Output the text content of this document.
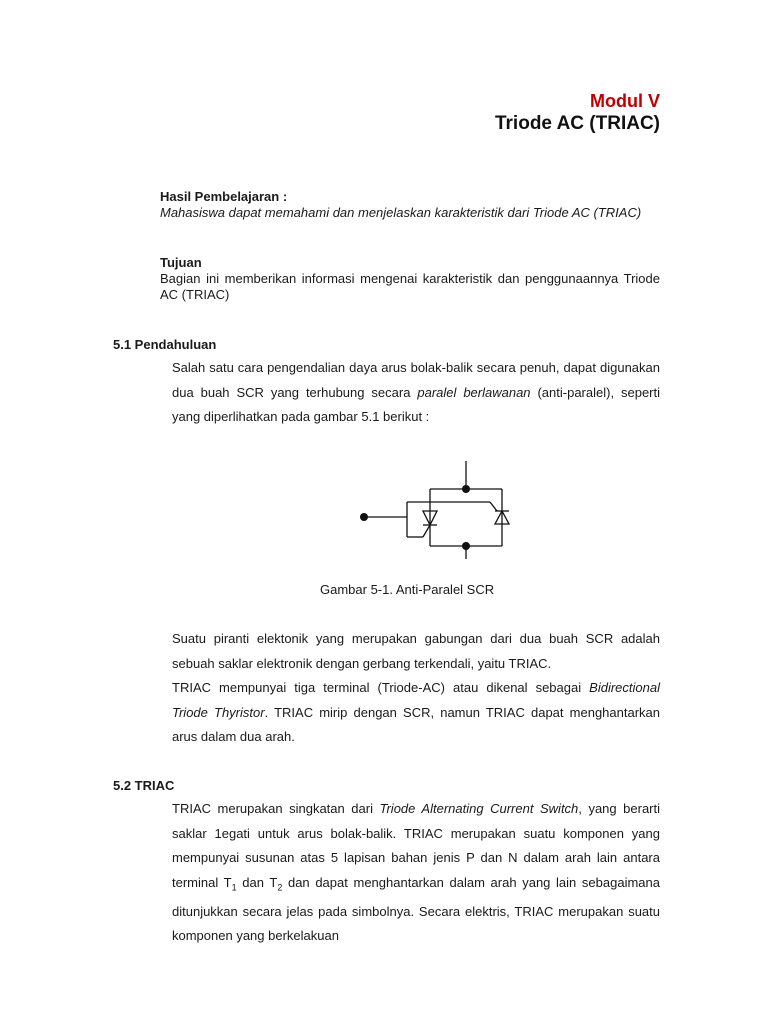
Modul V
Triode AC (TRIAC)
Hasil Pembelajaran :
Mahasiswa dapat memahami dan menjelaskan karakteristik dari Triode AC (TRIAC)
Tujuan
Bagian ini memberikan informasi mengenai karakteristik dan penggunaannya Triode AC (TRIAC)
5.1 Pendahuluan
Salah satu cara pengendalian daya arus bolak-balik secara penuh, dapat digunakan dua buah SCR yang terhubung secara paralel berlawanan (anti-paralel), seperti yang diperlihatkan pada gambar 5.1 berikut :
Gambar 5-1. Anti-Paralel SCR
Suatu piranti elektonik yang merupakan gabungan dari dua buah SCR adalah sebuah saklar elektronik dengan gerbang terkendali, yaitu TRIAC.
TRIAC mempunyai tiga terminal (Triode-AC) atau dikenal sebagai Bidirectional Triode Thyristor. TRIAC mirip dengan SCR, namun TRIAC dapat menghantarkan arus dalam dua arah.
5.2 TRIAC
TRIAC merupakan singkatan dari Triode Alternating Current Switch, yang berarti saklar 1egati untuk arus bolak-balik. TRIAC merupakan suatu komponen yang mempunyai susunan atas 5 lapisan bahan jenis P dan N dalam arah lain antara terminal $T_1$ dan $T_2$ dan dapat menghantarkan dalam arah yang lain sebagaimana ditunjukkan secara jelas pada simbolnya. Secara elektris, TRIAC merupakan suatu komponen yang berkelakuan
